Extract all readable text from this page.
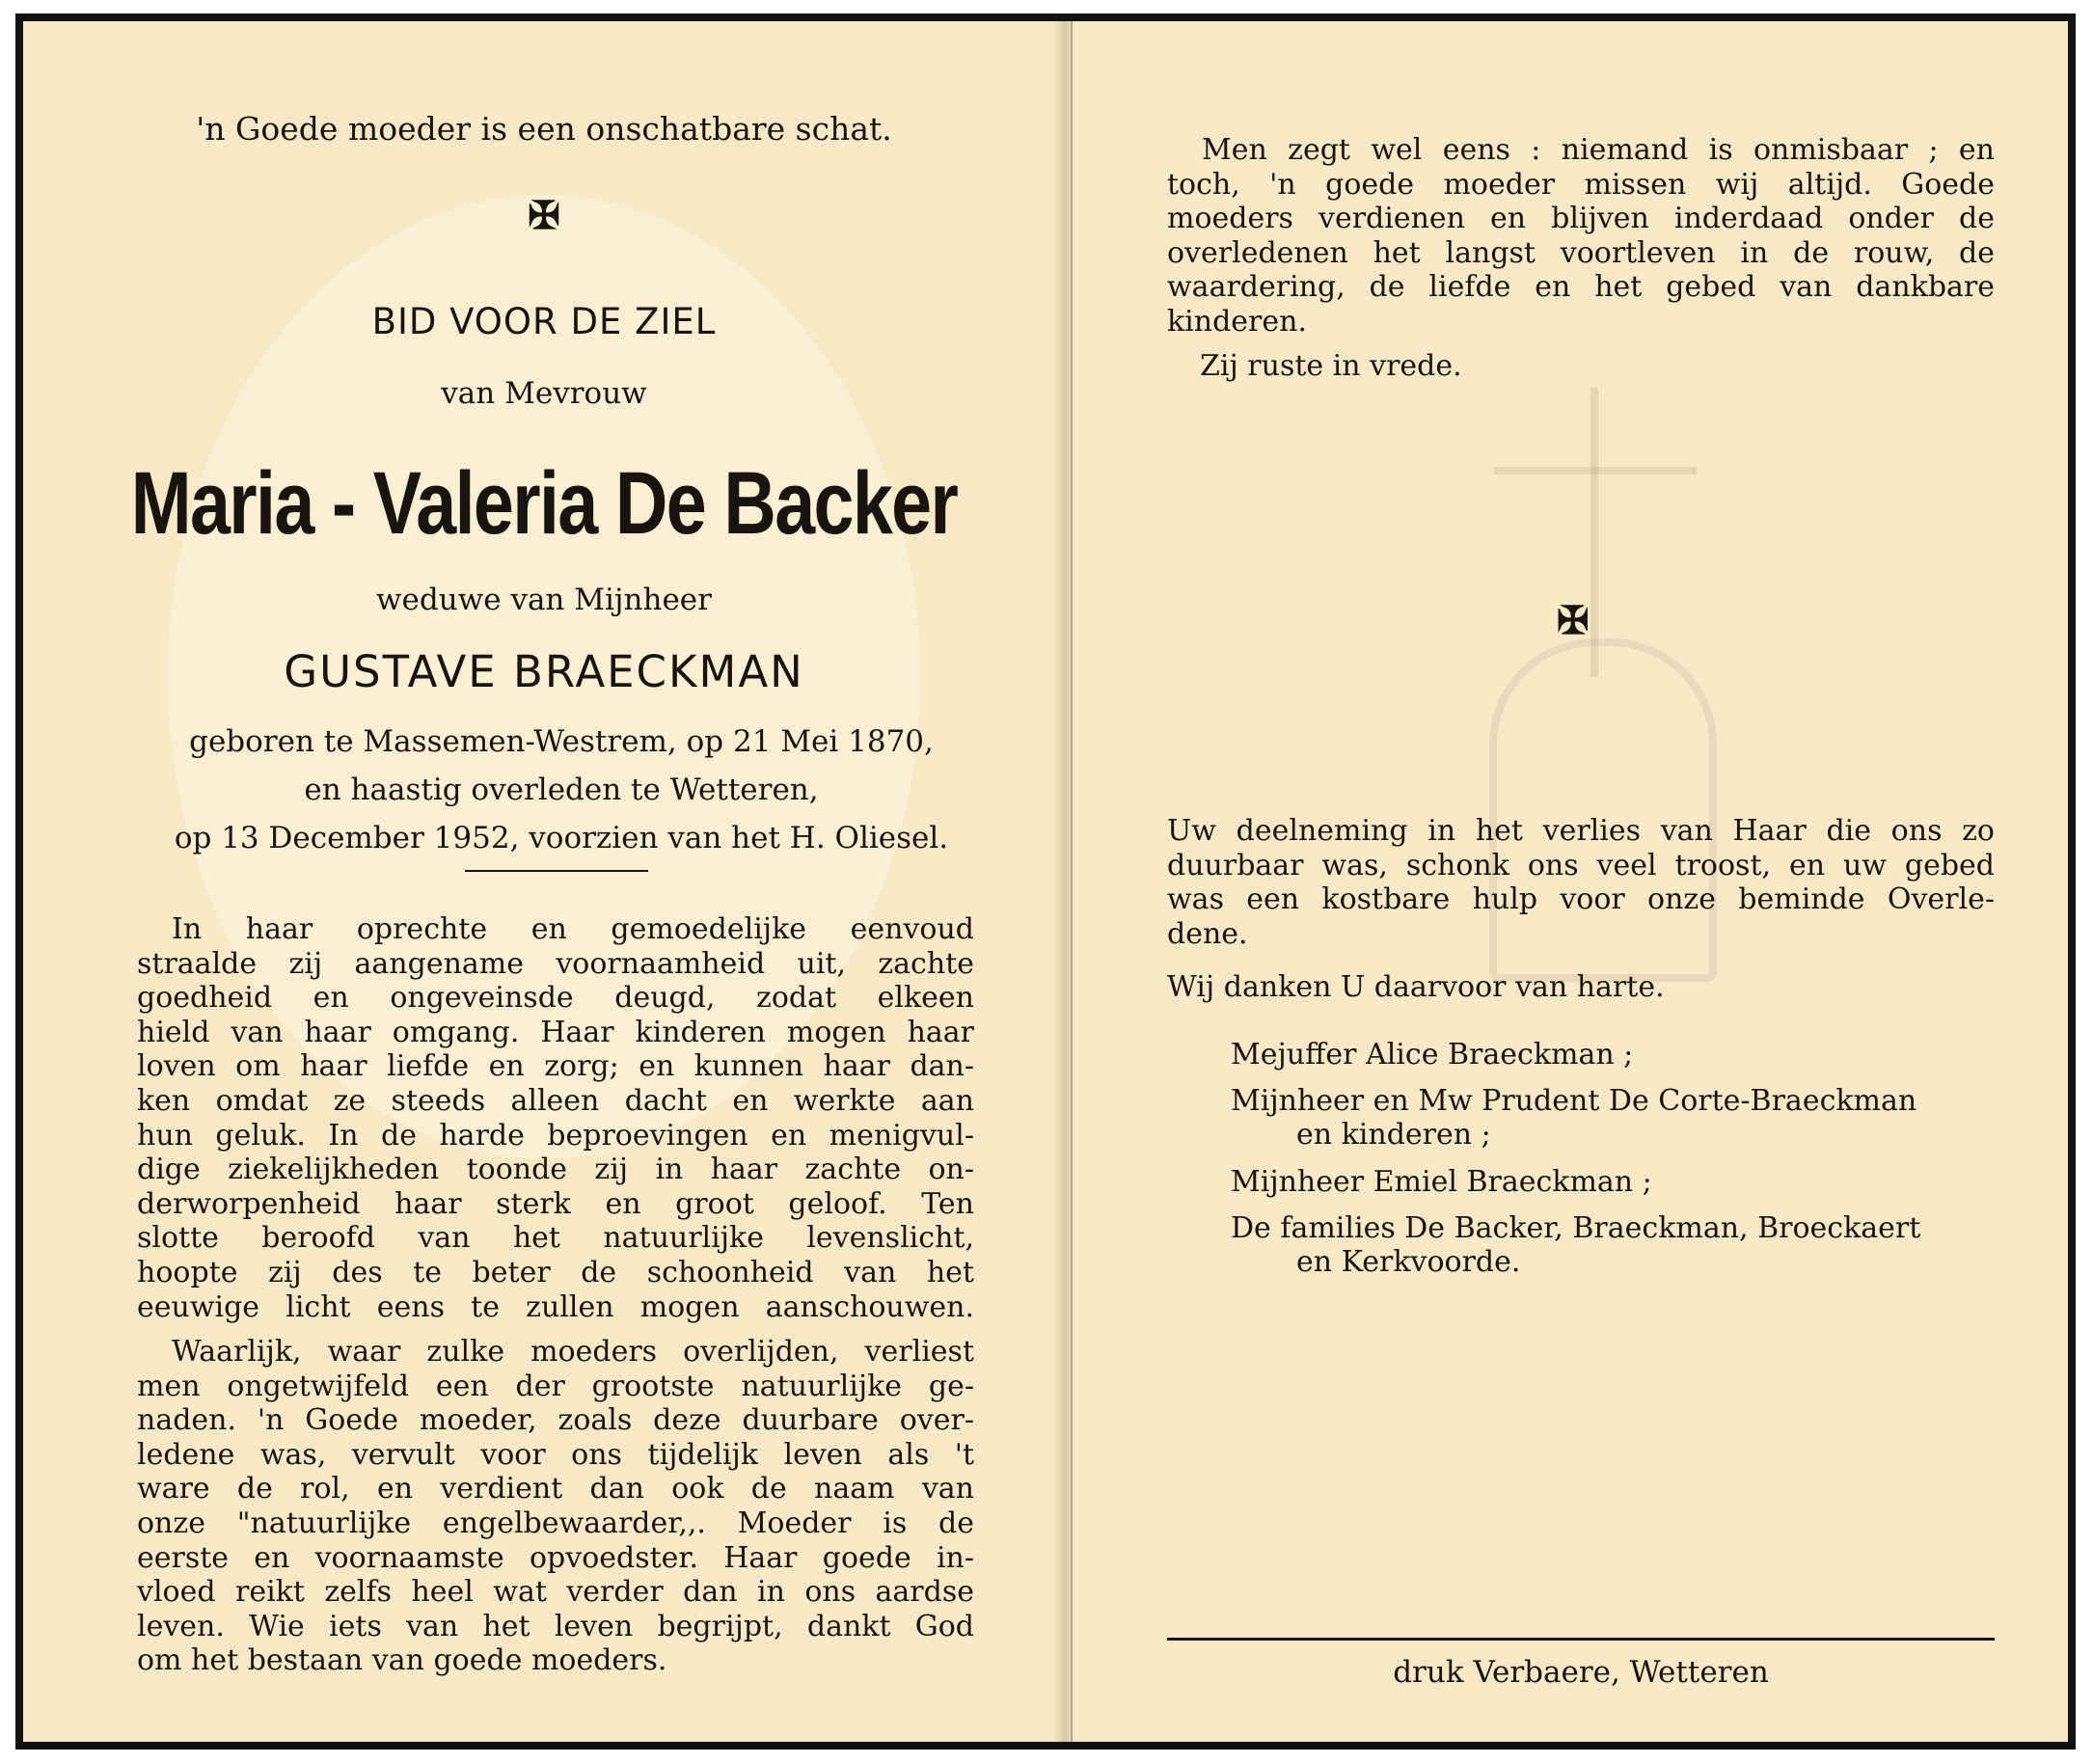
'n Goede moeder is een onschatbare schat.
✠
BID VOOR DE ZIEL
van Mevrouw
Maria - Valeria De Backer
weduwe van Mijnheer
GUSTAVE BRAECKMAN
geboren te Massemen-Westrem, op 21 Mei 1870,
en haastig overleden te Wetteren,
op 13 December 1952, voorzien van het H. Oliesel.
In haar oprechte en gemoedelijke eenvoud
straalde zij aangename voornaamheid uit, zachte
goedheid en ongeveinsde deugd, zodat elkeen
hield van haar omgang. Haar kinderen mogen haar
loven om haar liefde en zorg; en kunnen haar dan-
ken omdat ze steeds alleen dacht en werkte aan
hun geluk. In de harde beproevingen en menigvul-
dige ziekelijkheden toonde zij in haar zachte on-
derworpenheid haar sterk en groot geloof. Ten
slotte beroofd van het natuurlijke levenslicht,
hoopte zij des te beter de schoonheid van het
eeuwige licht eens te zullen mogen aanschouwen.
Waarlijk, waar zulke moeders overlijden, verliest
men ongetwijfeld een der grootste natuurlijke ge-
naden. 'n Goede moeder, zoals deze duurbare over-
ledene was, vervult voor ons tijdelijk leven als 't
ware de rol, en verdient dan ook de naam van
onze "natuurlijke engelbewaarder,,. Moeder is de
eerste en voornaamste opvoedster. Haar goede in-
vloed reikt zelfs heel wat verder dan in ons aardse
leven. Wie iets van het leven begrijpt, dankt God
om het bestaan van goede moeders.
Men zegt wel eens : niemand is onmisbaar ; en
toch, 'n goede moeder missen wij altijd. Goede
moeders verdienen en blijven inderdaad onder de
overledenen het langst voortleven in de rouw, de
waardering, de liefde en het gebed van dankbare
kinderen.
Zij ruste in vrede.
✠
Uw deelneming in het verlies van Haar die ons zo
duurbaar was, schonk ons veel troost, en uw gebed
was een kostbare hulp voor onze beminde Overle-
dene.
Wij danken U daarvoor van harte.
Mejuffer Alice Braeckman ;
Mijnheer en Mw Prudent De Corte-Braeckman
en kinderen ;
Mijnheer Emiel Braeckman ;
De families De Backer, Braeckman, Broeckaert
en Kerkvoorde.
druk Verbaere, Wetteren
